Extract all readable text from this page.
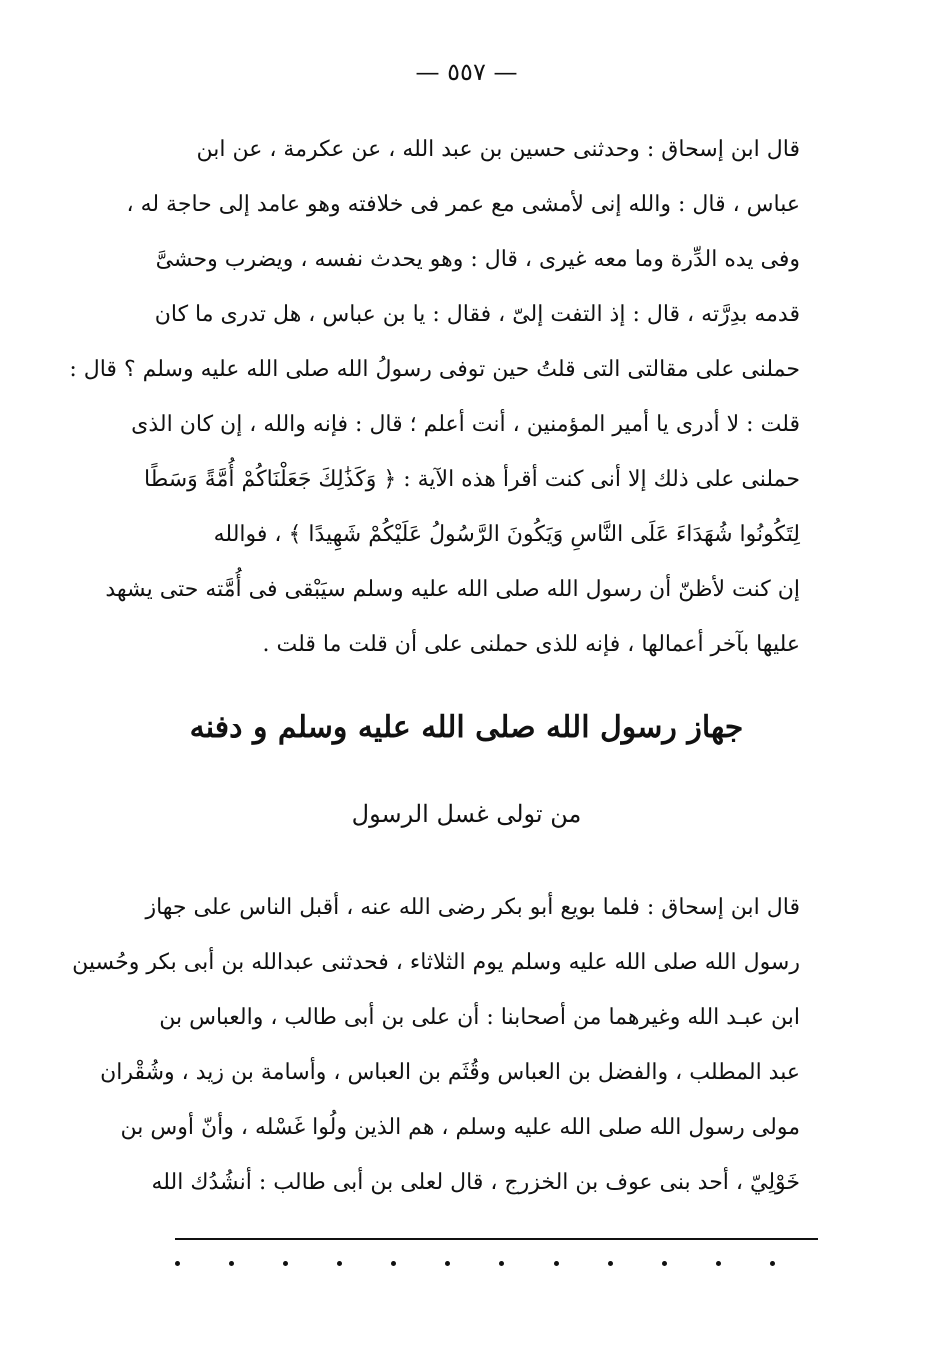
— ٥٥٧ —
قال ابن إسحاق : وحدثنى حسين بن عبد الله ، عن عكرمة ، عن ابن
عباس ، قال : والله إنى لأمشى مع عمر فى خلافته وهو عامد إلى حاجة له ،
وفى يده الدِّرة وما معه غيرى ، قال : وهو يحدث نفسه ، ويضرب وحشىَّ
قدمه بدِرَّته ، قال : إذ التفت إلىّ ، فقال : يا بن عباس ، هل تدرى ما كان
حملنى على مقالتى التى قلتُ حين توفى رسولُ الله صلى الله عليه وسلم ؟ قال :
قلت : لا أدرى يا أمير المؤمنين ، أنت أعلم ؛ قال : فإنه والله ، إن كان الذى
حملنى على ذلك إلا أنى كنت أقرأ هذه الآية : ﴿ وَكَذَٰلِكَ جَعَلْنَاكُمْ أُمَّةً وَسَطًا
لِتَكُونُوا شُهَدَاءَ عَلَى النَّاسِ وَيَكُونَ الرَّسُولُ عَلَيْكُمْ شَهِيدًا ﴾ ، فوالله
إن كنت لأظنّ أن رسول الله صلى الله عليه وسلم سيَبْقى فى أُمَّته حتى يشهد
عليها بآخر أعمالها ، فإنه للذى حملنى على أن قلت ما قلت .
جهاز رسول الله صلى الله عليه وسلم و دفنه
من تولى غسل الرسول
قال ابن إسحاق : فلما بويع أبو بكر رضى الله عنه ، أقبل الناس على جهاز
رسول الله صلى الله عليه وسلم يوم الثلاثاء ، فحدثنى عبدالله بن أبى بكر وحُسين
ابن عبـد الله وغيرهما من أصحابنا : أن على بن أبى طالب ، والعباس بن
عبد المطلب ، والفضل بن العباس وقُثَم بن العباس ، وأسامة بن زيد ، وشُقْران
مولى رسول الله صلى الله عليه وسلم ، هم الذين ولُوا غَسْله ، وأنّ أوس بن
خَوْلِيّ ، أحد بنى عوف بن الخزرج ، قال لعلى بن أبى طالب : أنشُدُك الله
